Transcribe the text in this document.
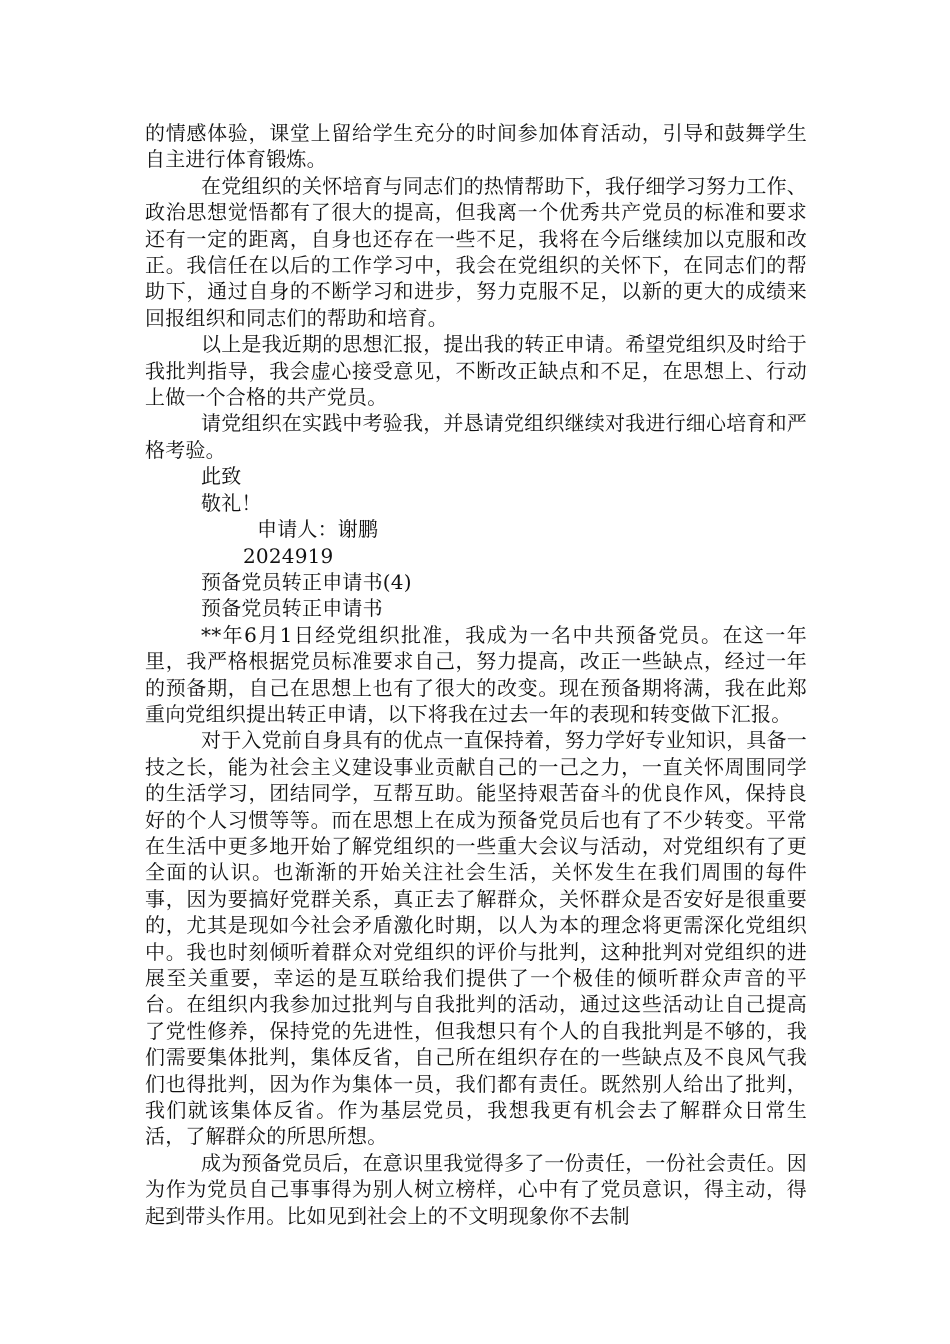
的情感体验，课堂上留给学生充分的时间参加体育活动，引导和鼓舞学生自主进行体育锻炼。

在党组织的关怀培育与同志们的热情帮助下，我仔细学习努力工作、政治思想觉悟都有了很大的提高，但我离一个优秀共产党员的标准和要求还有一定的距离，自身也还存在一些不足，我将在今后继续加以克服和改正。我信任在以后的工作学习中，我会在党组织的关怀下，在同志们的帮助下，通过自身的不断学习和进步，努力克服不足，以新的更大的成绩来回报组织和同志们的帮助和培育。

以上是我近期的思想汇报，提出我的转正申请。希望党组织及时给于我批判指导，我会虚心接受意见，不断改正缺点和不足，在思想上、行动上做一个合格的共产党员。

请党组织在实践中考验我，并恳请党组织继续对我进行细心培育和严格考验。

此致

敬礼！

申请人：谢鹏

2024919

预备党员转正申请书(4)

预备党员转正申请书

**年6月1日经党组织批准，我成为一名中共预备党员。在这一年里，我严格根据党员标准要求自己，努力提高，改正一些缺点，经过一年的预备期，自己在思想上也有了很大的改变。现在预备期将满，我在此郑重向党组织提出转正申请，以下将我在过去一年的表现和转变做下汇报。

对于入党前自身具有的优点一直保持着，努力学好专业知识，具备一技之长，能为社会主义建设事业贡献自己的一己之力，一直关怀周围同学的生活学习，团结同学，互帮互助。能坚持艰苦奋斗的优良作风，保持良好的个人习惯等等。而在思想上在成为预备党员后也有了不少转变。平常在生活中更多地开始了解党组织的一些重大会议与活动，对党组织有了更全面的认识。也渐渐的开始关注社会生活，关怀发生在我们周围的每件事，因为要搞好党群关系，真正去了解群众，关怀群众是否安好是很重要的，尤其是现如今社会矛盾激化时期，以人为本的理念将更需深化党组织中。我也时刻倾听着群众对党组织的评价与批判，这种批判对党组织的进展至关重要，幸运的是互联给我们提供了一个极佳的倾听群众声音的平台。在组织内我参加过批判与自我批判的活动，通过这些活动让自己提高了党性修养，保持党的先进性，但我想只有个人的自我批判是不够的，我们需要集体批判，集体反省，自己所在组织存在的一些缺点及不良风气我们也得批判，因为作为集体一员，我们都有责任。既然别人给出了批判，我们就该集体反省。作为基层党员，我想我更有机会去了解群众日常生活，了解群众的所思所想。

成为预备党员后，在意识里我觉得多了一份责任，一份社会责任。因为作为党员自己事事得为别人树立榜样，心中有了党员意识，得主动，得起到带头作用。比如见到社会上的不文明现象你不去制
